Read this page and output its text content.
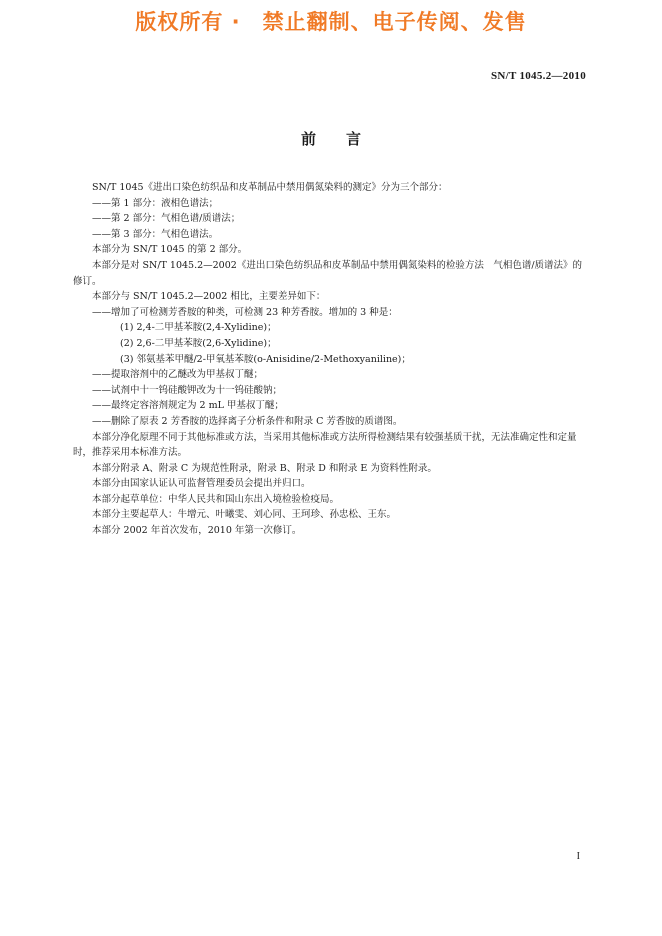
版权所有 ·　禁止翻制、电子传阅、发售
SN/T 1045.2—2010
前 言

SN/T 1045《进出口染色纺织品和皮革制品中禁用偶氮染料的测定》分为三个部分：

——第 1 部分：液相色谱法；

——第 2 部分：气相色谱/质谱法；

——第 3 部分：气相色谱法。

本部分为 SN/T 1045 的第 2 部分。

本部分是对 SN/T 1045.2—2002《进出口染色纺织品和皮革制品中禁用偶氮染料的检验方法　气相色谱/质谱法》的修订。

本部分与 SN/T 1045.2—2002 相比，主要差异如下：

——增加了可检测芳香胺的种类，可检测 23 种芳香胺。增加的 3 种是：

(1) 2,4-二甲基苯胺(2,4-Xylidine)；

(2) 2,6-二甲基苯胺(2,6-Xylidine)；

(3) 邻氨基苯甲醚/2-甲氧基苯胺(o-Anisidine/2-Methoxyaniline)；

——提取溶剂中的乙醚改为甲基叔丁醚；

——试剂中十一钨硅酸钾改为十一钨硅酸钠；

——最终定容溶剂规定为 2 mL 甲基叔丁醚；

——删除了原表 2 芳香胺的选择离子分析条件和附录 C 芳香胺的质谱图。

本部分净化原理不同于其他标准或方法，当采用其他标准或方法所得检测结果有较强基质干扰，无法准确定性和定量时，推荐采用本标准方法。

本部分附录 A、附录 C 为规范性附录，附录 B、附录 D 和附录 E 为资料性附录。

本部分由国家认证认可监督管理委员会提出并归口。

本部分起草单位：中华人民共和国山东出入境检验检疫局。

本部分主要起草人：牛增元、叶曦雯、刘心同、王珂珍、孙忠松、王东。

本部分 2002 年首次发布，2010 年第一次修订。

I
